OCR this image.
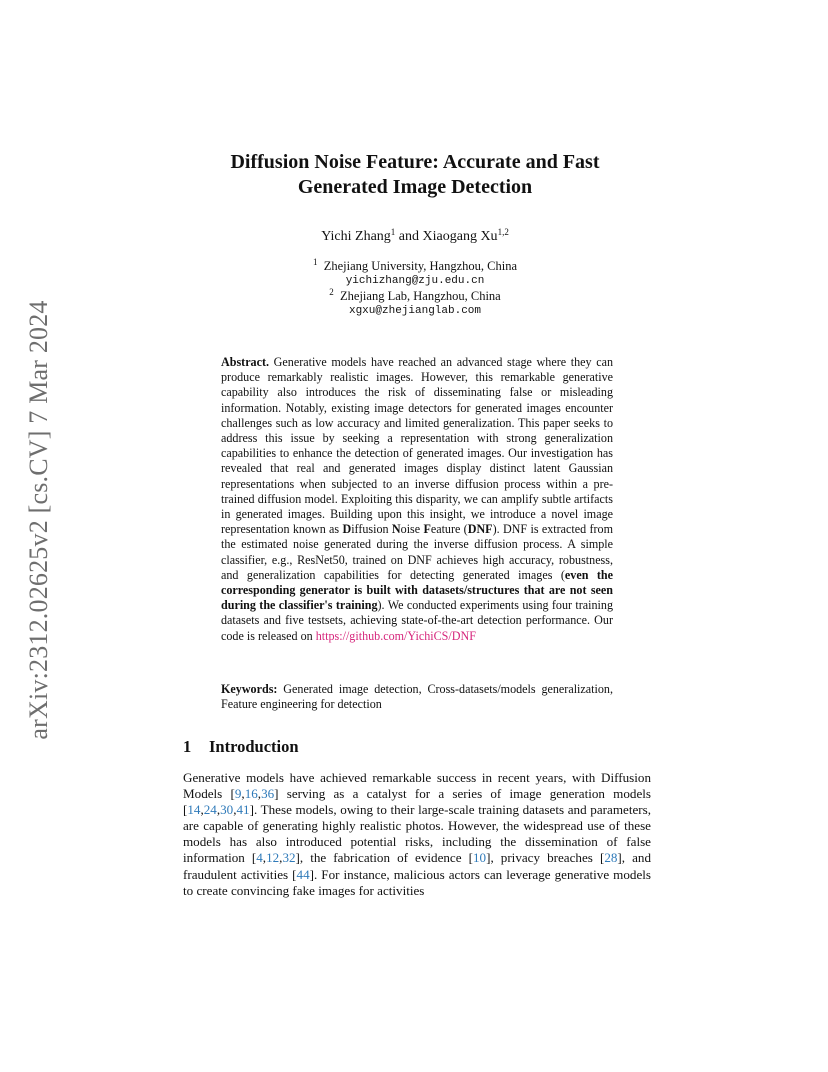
arXiv:2312.02625v2 [cs.CV] 7 Mar 2024
Diffusion Noise Feature: Accurate and Fast
Generated Image Detection
Yichi Zhang$^1$ and Xiaogang Xu$^{1,2}$
$^1$ Zhejiang University, Hangzhou, China
yichizhang@zju.edu.cn
$^2$ Zhejiang Lab, Hangzhou, China
xgxu@zhejianglab.com
Abstract. Generative models have reached an advanced stage where they can produce remarkably realistic images. However, this remarkable generative capability also introduces the risk of disseminating false or misleading information. Notably, existing image detectors for generated images encounter challenges such as low accuracy and limited generalization. This paper seeks to address this issue by seeking a representation with strong generalization capabilities to enhance the detection of generated images. Our investigation has revealed that real and generated images display distinct latent Gaussian representations when subjected to an inverse diffusion process within a pre-trained diffusion model. Exploiting this disparity, we can amplify subtle artifacts in generated images. Building upon this insight, we introduce a novel image representation known as Diffusion Noise Feature (DNF). DNF is extracted from the estimated noise generated during the inverse diffusion process. A simple classifier, e.g., ResNet50, trained on DNF achieves high accuracy, robustness, and generalization capabilities for detecting generated images (even the corresponding generator is built with datasets/structures that are not seen during the classifier's training). We conducted experiments using four training datasets and five testsets, achieving state-of-the-art detection performance. Our code is released on https://github.com/YichiCS/DNF
Keywords: Generated image detection, Cross-datasets/models generalization, Feature engineering for detection
1 Introduction
Generative models have achieved remarkable success in recent years, with Diffusion Models [9,16,36] serving as a catalyst for a series of image generation models [14,24,30,41]. These models, owing to their large-scale training datasets and parameters, are capable of generating highly realistic photos. However, the widespread use of these models has also introduced potential risks, including the dissemination of false information [4,12,32], the fabrication of evidence [10], privacy breaches [28], and fraudulent activities [44]. For instance, malicious actors can leverage generative models to create convincing fake images for activities
